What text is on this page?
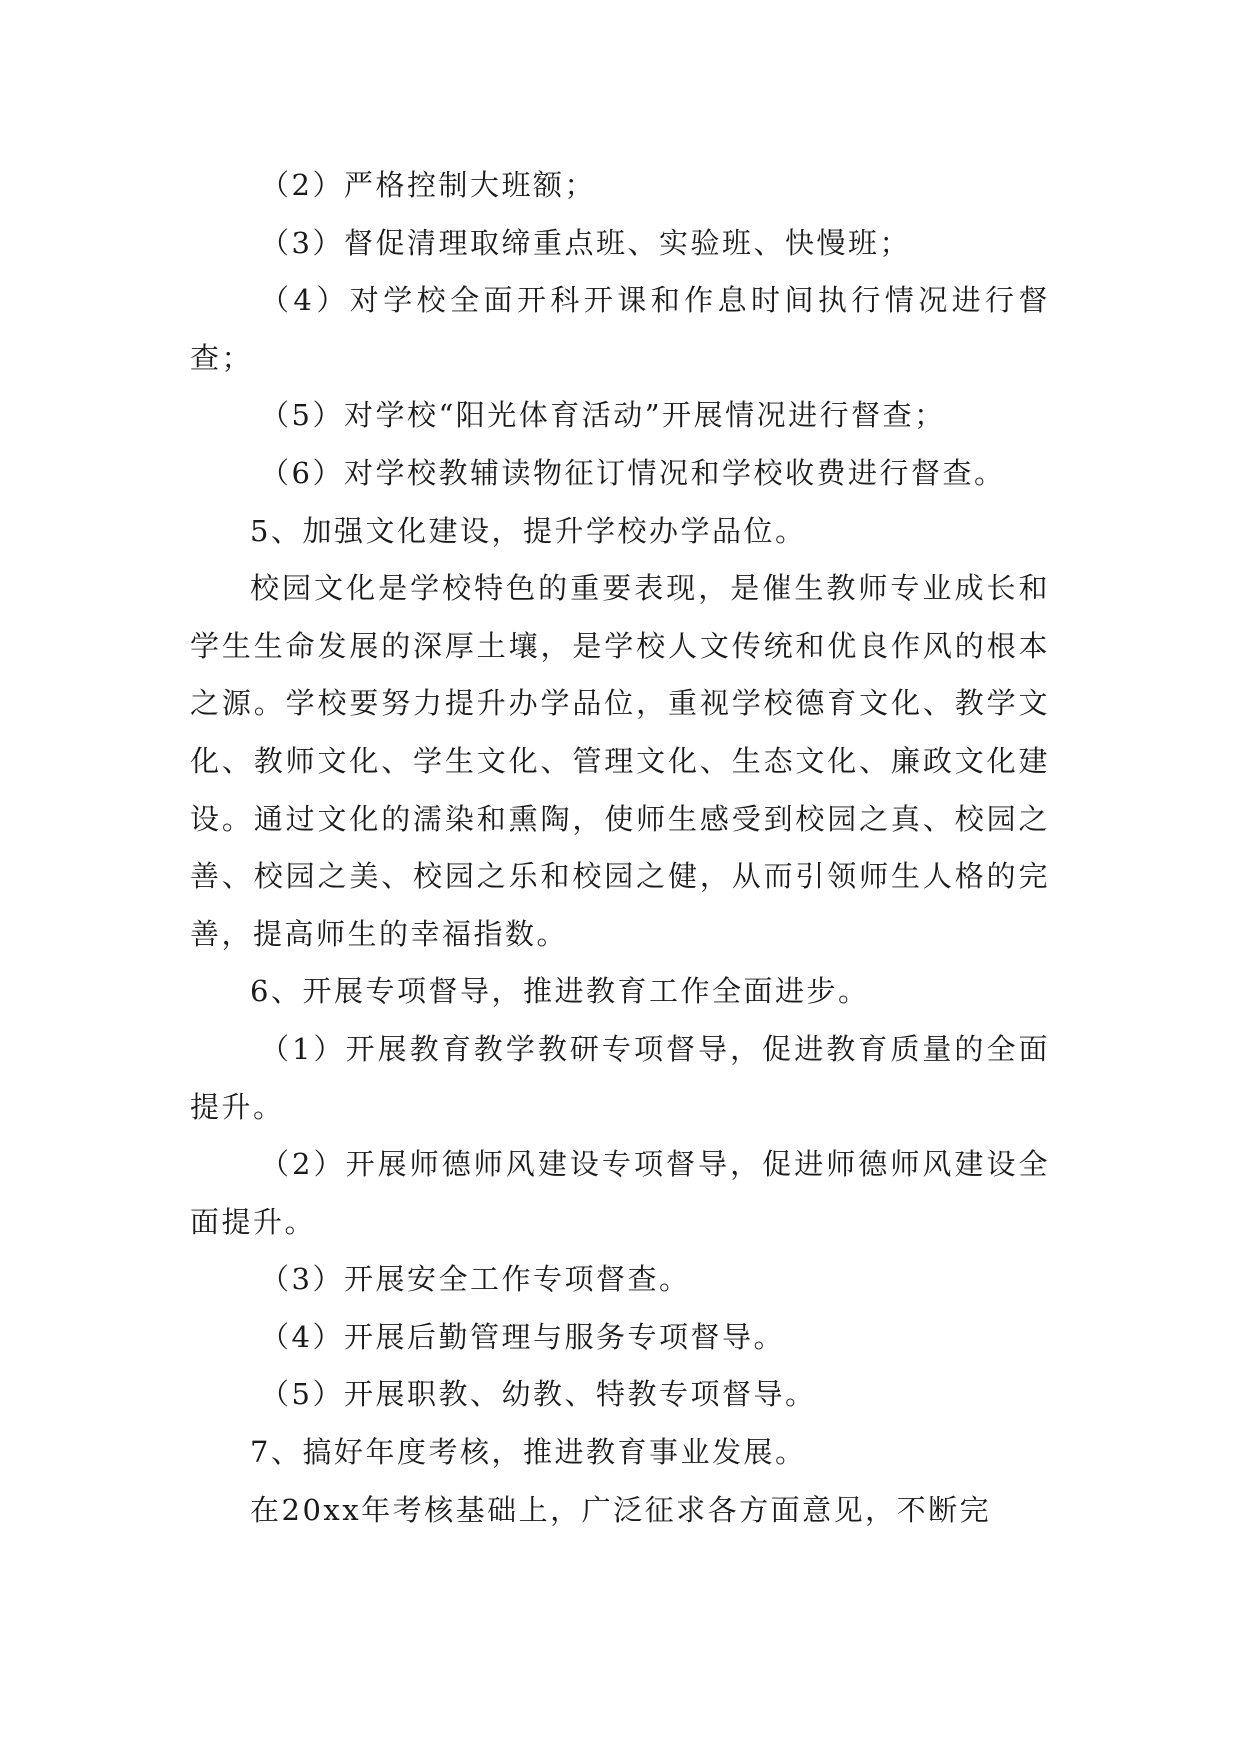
（2）严格控制大班额；

（3）督促清理取缔重点班、实验班、快慢班；

（4）对学校全面开科开课和作息时间执行情况进行督查；

（5）对学校“阳光体育活动”开展情况进行督查；

（6）对学校教辅读物征订情况和学校收费进行督查。

5、加强文化建设，提升学校办学品位。

校园文化是学校特色的重要表现，是催生教师专业成长和学生生命发展的深厚土壤，是学校人文传统和优良作风的根本之源。学校要努力提升办学品位，重视学校德育文化、教学文化、教师文化、学生文化、管理文化、生态文化、廉政文化建设。通过文化的濡染和熏陶，使师生感受到校园之真、校园之善、校园之美、校园之乐和校园之健，从而引领师生人格的完善，提高师生的幸福指数。

6、开展专项督导，推进教育工作全面进步。

（1）开展教育教学教研专项督导，促进教育质量的全面提升。

（2）开展师德师风建设专项督导，促进师德师风建设全面提升。

（3）开展安全工作专项督查。

（4）开展后勤管理与服务专项督导。

（5）开展职教、幼教、特教专项督导。

7、搞好年度考核，推进教育事业发展。

在20xx年考核基础上，广泛征求各方面意见，不断完
